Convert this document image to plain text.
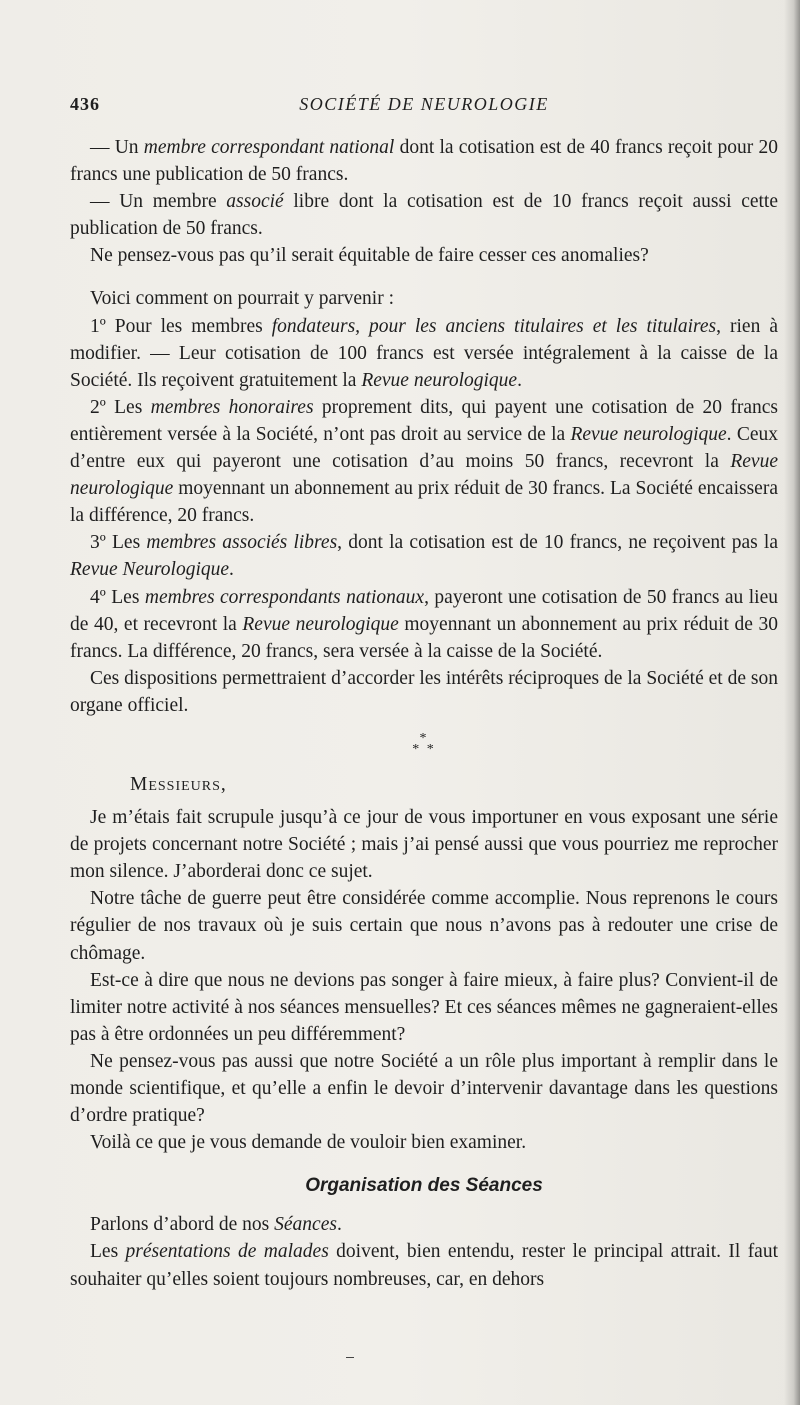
436	SOCIÉTÉ DE NEUROLOGIE

— Un membre correspondant national dont la cotisation est de 40 francs reçoit pour 20 francs une publication de 50 francs.

— Un membre associé libre dont la cotisation est de 10 francs reçoit aussi cette publication de 50 francs.

Ne pensez-vous pas qu’il serait équitable de faire cesser ces anomalies?

Voici comment on pourrait y parvenir :

1º Pour les membres fondateurs, pour les anciens titulaires et les titulaires, rien à modifier. — Leur cotisation de 100 francs est versée intégralement à la caisse de la Société. Ils reçoivent gratuitement la Revue neurologique.

2º Les membres honoraires proprement dits, qui payent une cotisation de 20 francs entièrement versée à la Société, n’ont pas droit au service de la Revue neurologique. Ceux d’entre eux qui payeront une cotisation d’au moins 50 francs, recevront la Revue neurologique moyennant un abonnement au prix réduit de 30 francs. La Société encaissera la différence, 20 francs.

3º Les membres associés libres, dont la cotisation est de 10 francs, ne reçoivent pas la Revue Neurologique.

4º Les membres correspondants nationaux, payeront une cotisation de 50 francs au lieu de 40, et recevront la Revue neurologique moyennant un abonnement au prix réduit de 30 francs. La différence, 20 francs, sera versée à la caisse de la Société.

Ces dispositions permettraient d’accorder les intérêts réciproques de la Société et de son organe officiel.

*
* *

Messieurs,

Je m’étais fait scrupule jusqu’à ce jour de vous importuner en vous exposant une série de projets concernant notre Société ; mais j’ai pensé aussi que vous pourriez me reprocher mon silence. J’aborderai donc ce sujet.

Notre tâche de guerre peut être considérée comme accomplie. Nous reprenons le cours régulier de nos travaux où je suis certain que nous n’avons pas à redouter une crise de chômage.

Est-ce à dire que nous ne devions pas songer à faire mieux, à faire plus? Convient-il de limiter notre activité à nos séances mensuelles? Et ces séances mêmes ne gagneraient-elles pas à être ordonnées un peu différemment?

Ne pensez-vous pas aussi que notre Société a un rôle plus important à remplir dans le monde scientifique, et qu’elle a enfin le devoir d’intervenir davantage dans les questions d’ordre pratique?

Voilà ce que je vous demande de vouloir bien examiner.

Organisation des Séances

Parlons d’abord de nos Séances.

Les présentations de malades doivent, bien entendu, rester le principal attrait. Il faut souhaiter qu’elles soient toujours nombreuses, car, en dehors
